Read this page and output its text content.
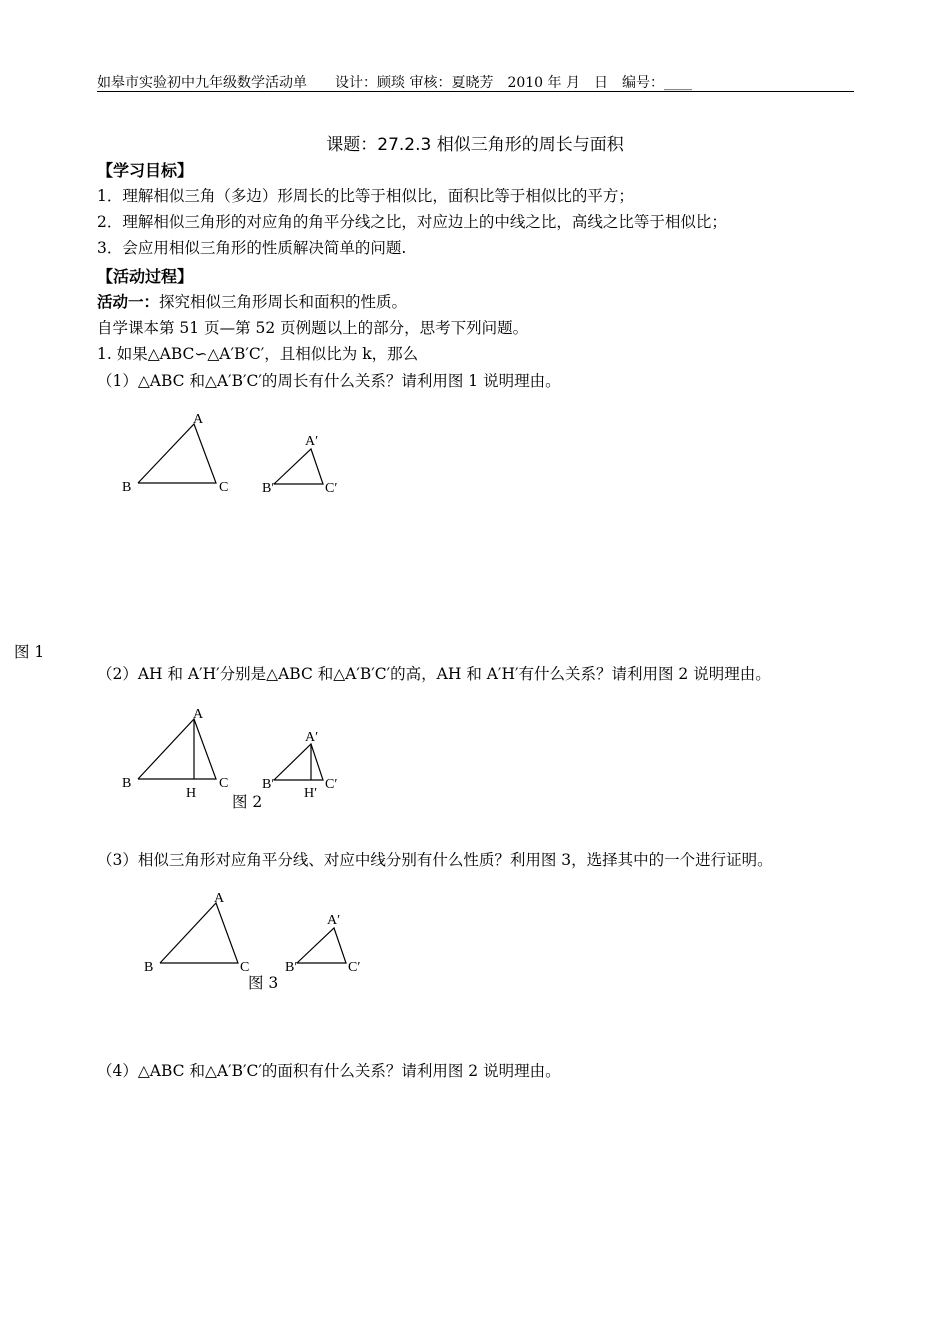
如皋市实验初中九年级数学活动单　　设计：顾琰 审核：夏晓芳　2010 年 月　日　编号：____
课题：27.2.3 相似三角形的周长与面积
【学习目标】
1．理解相似三角（多边）形周长的比等于相似比，面积比等于相似比的平方；
2．理解相似三角形的对应角的角平分线之比，对应边上的中线之比，高线之比等于相似比；
3．会应用相似三角形的性质解决简单的问题.
【活动过程】
活动一：探究相似三角形周长和面积的性质。
自学课本第 51 页—第 52 页例题以上的部分，思考下列问题。
1. 如果△ABC∽△A′B′C′，且相似比为 k，那么
（1）△ABC 和△A′B′C′的周长有什么关系？请利用图 1 说明理由。
A
B	C
A′
B′	C′
图 1
（2）AH 和 A′H′分别是△ABC 和△A′B′C′的高，AH 和 A′H′有什么关系？请利用图 2 说明理由。
A
B	C
H
A′
B′	C′
H′
图 2
（3）相似三角形对应角平分线、对应中线分别有什么性质？利用图 3，选择其中的一个进行证明。
A
B	C
A′
B′	C′
图 3
（4）△ABC 和△A′B′C′的面积有什么关系？请利用图 2 说明理由。
